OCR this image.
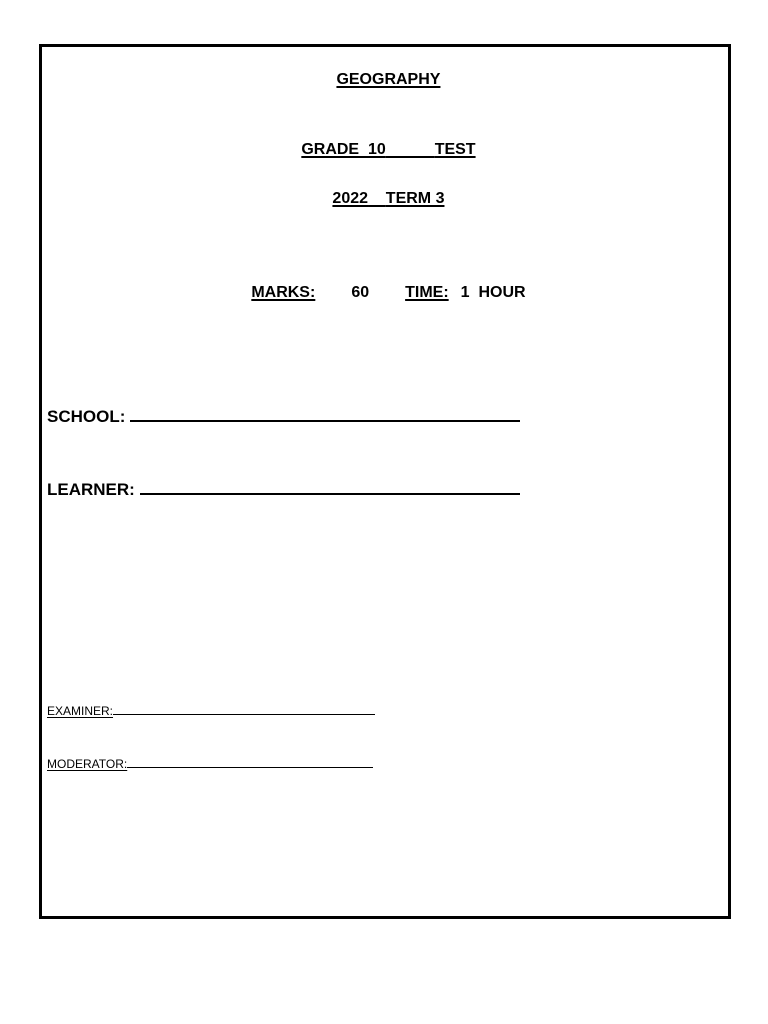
GEOGRAPHY

GRADE  10	TEST

2022 TERM 3

MARKS: 60 TIME: 1  HOUR

SCHOOL:
LEARNER:
EXAMINER:
MODERATOR:
